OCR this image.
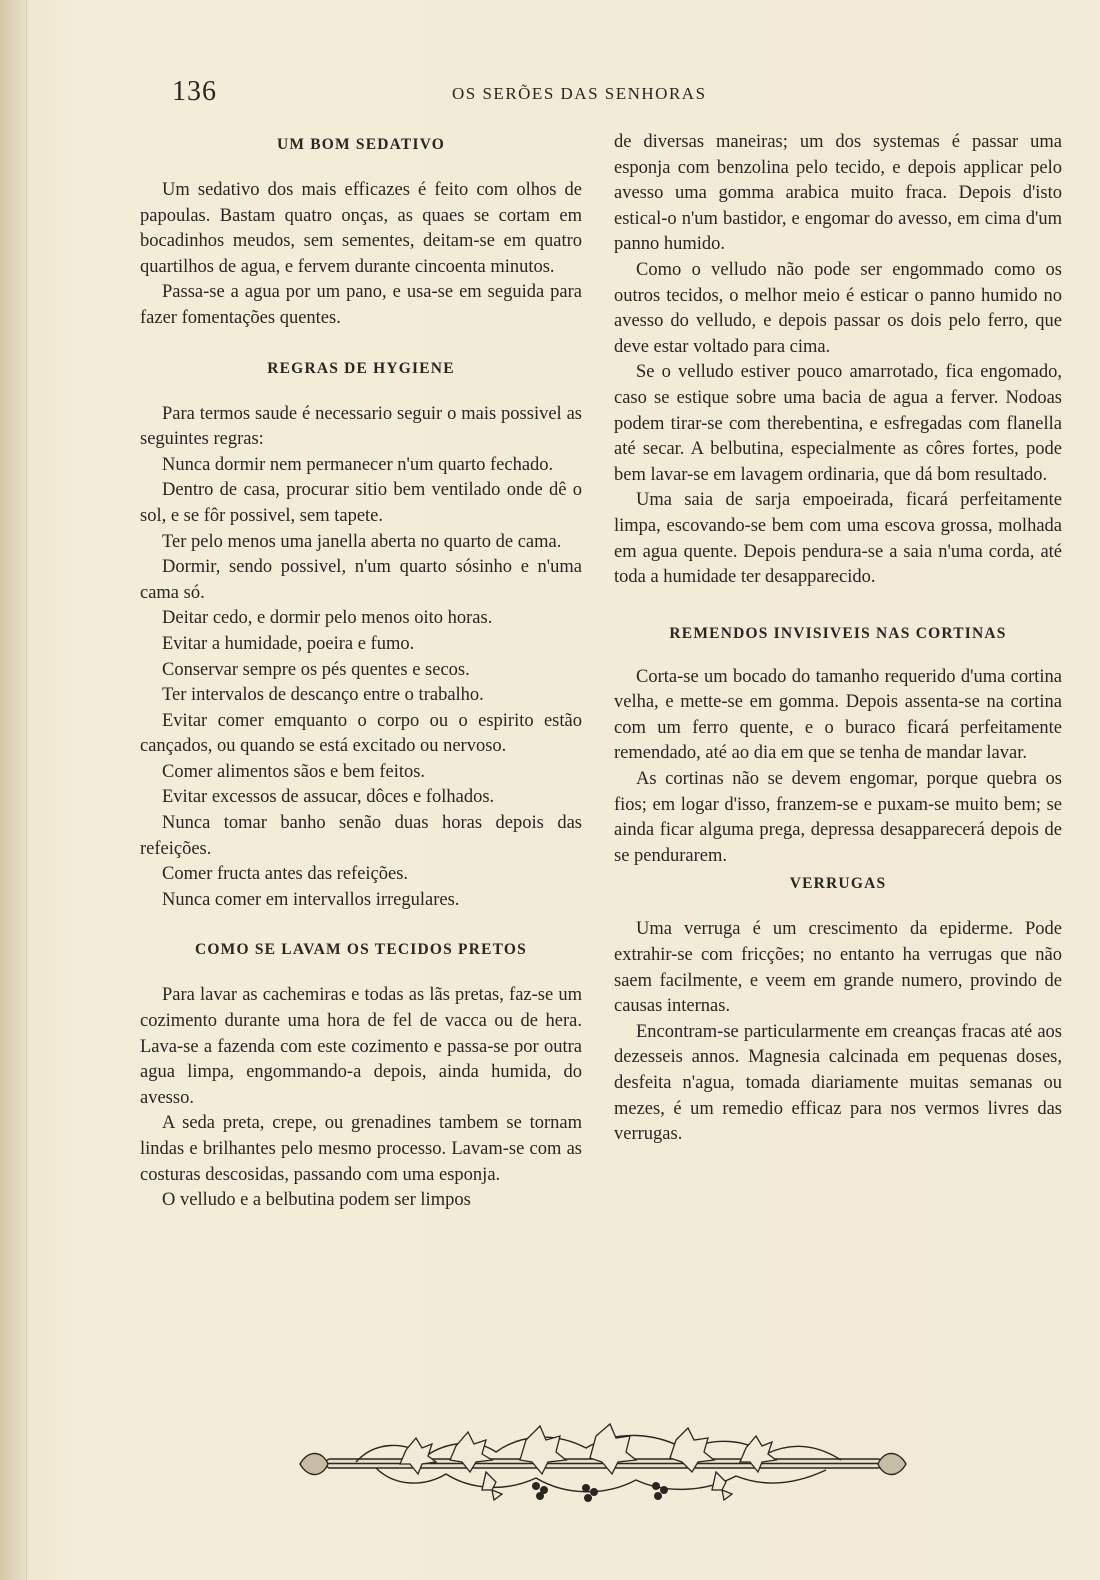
136	OS SERÕES DAS SENHORAS
UM BOM SEDATIVO

Um sedativo dos mais efficazes é feito com olhos de papoulas. Bastam quatro onças, as quaes se cortam em bocadinhos meudos, sem sementes, deitam-se em quatro quartilhos de agua, e fervem durante cincoenta minutos.

Passa-se a agua por um pano, e usa-se em seguida para fazer fomentações quentes.

REGRAS DE HYGIENE

Para termos saude é necessario seguir o mais possivel as seguintes regras:

Nunca dormir nem permanecer n'um quarto fechado.

Dentro de casa, procurar sitio bem ventilado onde dê o sol, e se fôr possivel, sem tapete.

Ter pelo menos uma janella aberta no quarto de cama.

Dormir, sendo possivel, n'um quarto sósinho e n'uma cama só.

Deitar cedo, e dormir pelo menos oito horas.

Evitar a humidade, poeira e fumo.

Conservar sempre os pés quentes e secos.

Ter intervalos de descanço entre o trabalho.

Evitar comer emquanto o corpo ou o espirito estão cançados, ou quando se está excitado ou nervoso.

Comer alimentos sãos e bem feitos.

Evitar excessos de assucar, dôces e folhados.

Nunca tomar banho senão duas horas depois das refeições.

Comer fructa antes das refeições.

Nunca comer em intervallos irregulares.

COMO SE LAVAM OS TECIDOS PRETOS

Para lavar as cachemiras e todas as lãs pretas, faz-se um cozimento durante uma hora de fel de vacca ou de hera. Lava-se a fazenda com este cozimento e passa-se por outra agua limpa, engommando-a depois, ainda humida, do avesso.

A seda preta, crepe, ou grenadines tambem se tornam lindas e brilhantes pelo mesmo processo. Lavam-se com as costuras descosidas, passando com uma esponja.

O velludo e a belbutina podem ser limpos

de diversas maneiras; um dos systemas é passar uma esponja com benzolina pelo tecido, e depois applicar pelo avesso uma gomma arabica muito fraca. Depois d'isto estical-o n'um bastidor, e engomar do avesso, em cima d'um panno humido.

Como o velludo não pode ser engommado como os outros tecidos, o melhor meio é esticar o panno humido no avesso do velludo, e depois passar os dois pelo ferro, que deve estar voltado para cima.

Se o velludo estiver pouco amarrotado, fica engomado, caso se estique sobre uma bacia de agua a ferver. Nodoas podem tirar-se com therebentina, e esfregadas com flanella até secar. A belbutina, especialmente as côres fortes, pode bem lavar-se em lavagem ordinaria, que dá bom resultado.

Uma saia de sarja empoeirada, ficará perfeitamente limpa, escovando-se bem com uma escova grossa, molhada em agua quente. Depois pendura-se a saia n'uma corda, até toda a humidade ter desapparecido.

REMENDOS INVISIVEIS NAS CORTINAS

Corta-se um bocado do tamanho requerido d'uma cortina velha, e mette-se em gomma. Depois assenta-se na cortina com um ferro quente, e o buraco ficará perfeitamente remendado, até ao dia em que se tenha de mandar lavar.

As cortinas não se devem engomar, porque quebra os fios; em logar d'isso, franzem-se e puxam-se muito bem; se ainda ficar alguma prega, depressa desapparecerá depois de se pendurarem.

VERRUGAS

Uma verruga é um crescimento da epiderme. Pode extrahir-se com fricções; no entanto ha verrugas que não saem facilmente, e veem em grande numero, provindo de causas internas.

Encontram-se particularmente em creanças fracas até aos dezesseis annos. Magnesia calcinada em pequenas doses, desfeita n'agua, tomada diariamente muitas semanas ou mezes, é um remedio efficaz para nos vermos livres das verrugas.
